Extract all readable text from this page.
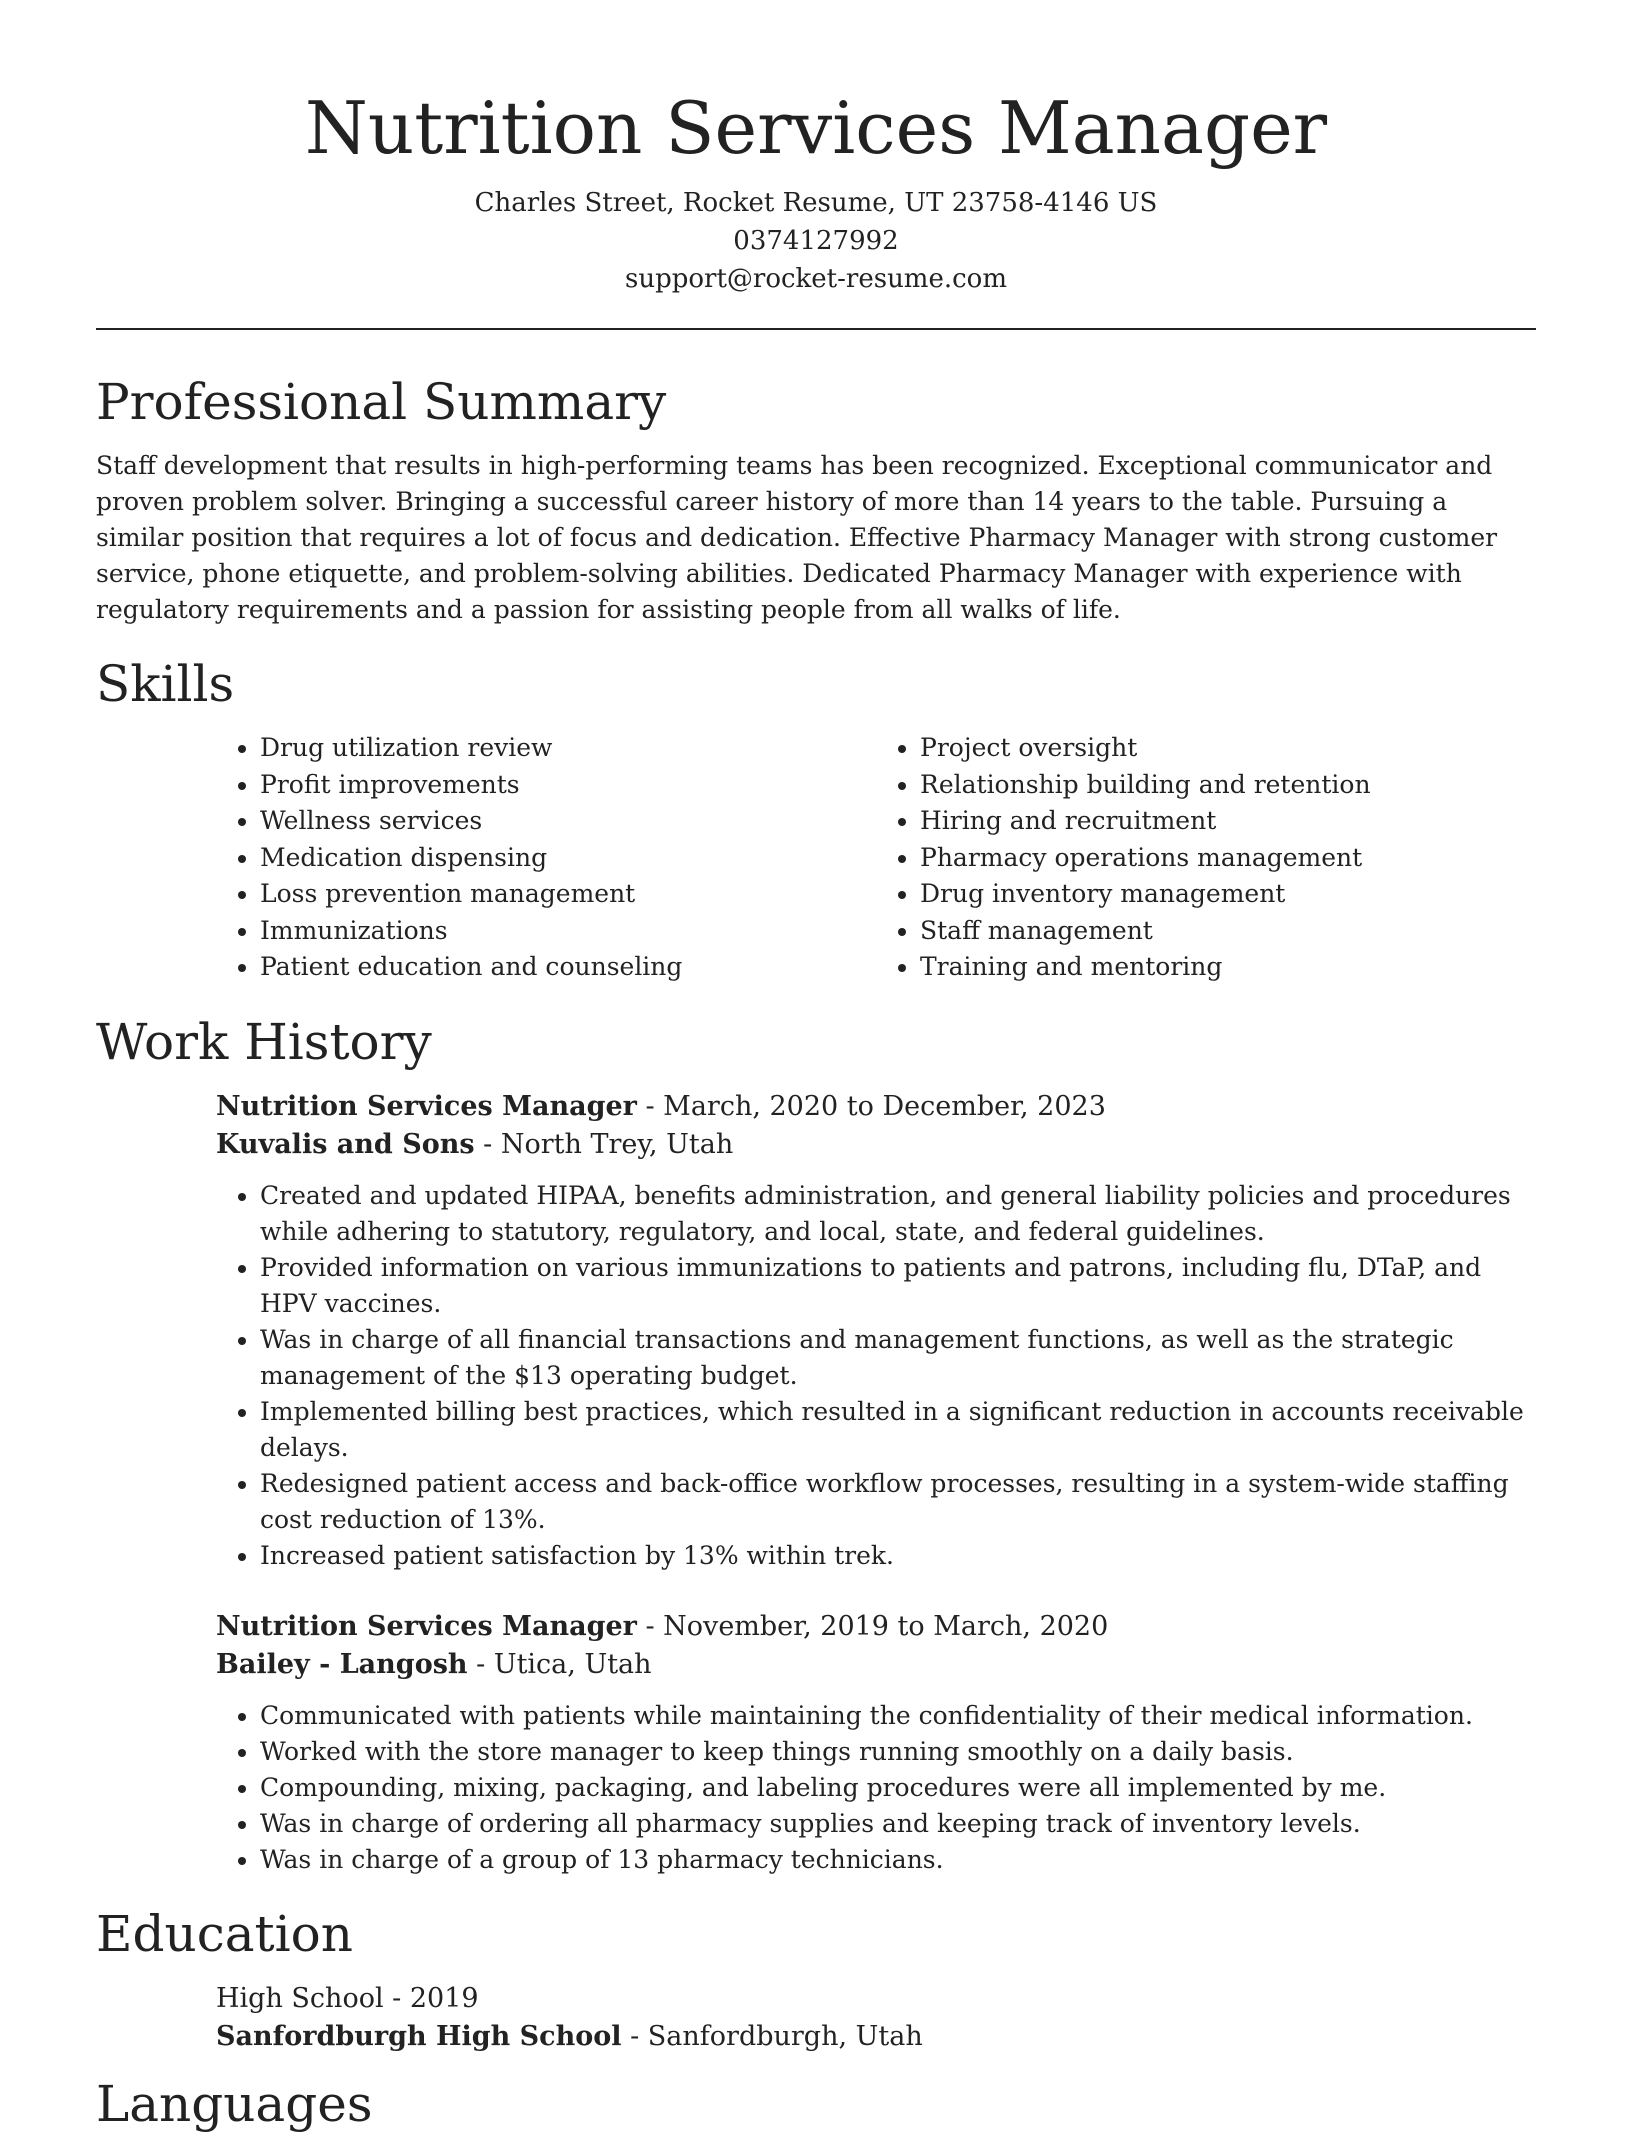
Nutrition Services Manager
Charles Street, Rocket Resume, UT 23758-4146 US
0374127992
support@rocket-resume.com
Professional Summary

Staff development that results in high-performing teams has been recognized. Exceptional communicator and proven problem solver. Bringing a successful career history of more than 14 years to the table. Pursuing a similar position that requires a lot of focus and dedication. Effective Pharmacy Manager with strong customer service, phone etiquette, and problem-solving abilities. Dedicated Pharmacy Manager with experience with regulatory requirements and a passion for assisting people from all walks of life.

Skills
• Drug utilization review
• Profit improvements
• Wellness services
• Medication dispensing
• Loss prevention management
• Immunizations
• Patient education and counseling
• Project oversight
• Relationship building and retention
• Hiring and recruitment
• Pharmacy operations management
• Drug inventory management
• Staff management
• Training and mentoring
Work History
Nutrition Services Manager - March, 2020 to December, 2023
Kuvalis and Sons - North Trey, Utah
• Created and updated HIPAA, benefits administration, and general liability policies and procedures while adhering to statutory, regulatory, and local, state, and federal guidelines.
• Provided information on various immunizations to patients and patrons, including flu, DTaP, and HPV vaccines.
• Was in charge of all financial transactions and management functions, as well as the strategic management of the $13 operating budget.
• Implemented billing best practices, which resulted in a significant reduction in accounts receivable delays.
• Redesigned patient access and back-office workflow processes, resulting in a system-wide staffing cost reduction of 13%.
• Increased patient satisfaction by 13% within trek.
Nutrition Services Manager - November, 2019 to March, 2020
Bailey - Langosh - Utica, Utah
• Communicated with patients while maintaining the confidentiality of their medical information.
• Worked with the store manager to keep things running smoothly on a daily basis.
• Compounding, mixing, packaging, and labeling procedures were all implemented by me.
• Was in charge of ordering all pharmacy supplies and keeping track of inventory levels.
• Was in charge of a group of 13 pharmacy technicians.
Education
High School - 2019
Sanfordburgh High School - Sanfordburgh, Utah
Languages
